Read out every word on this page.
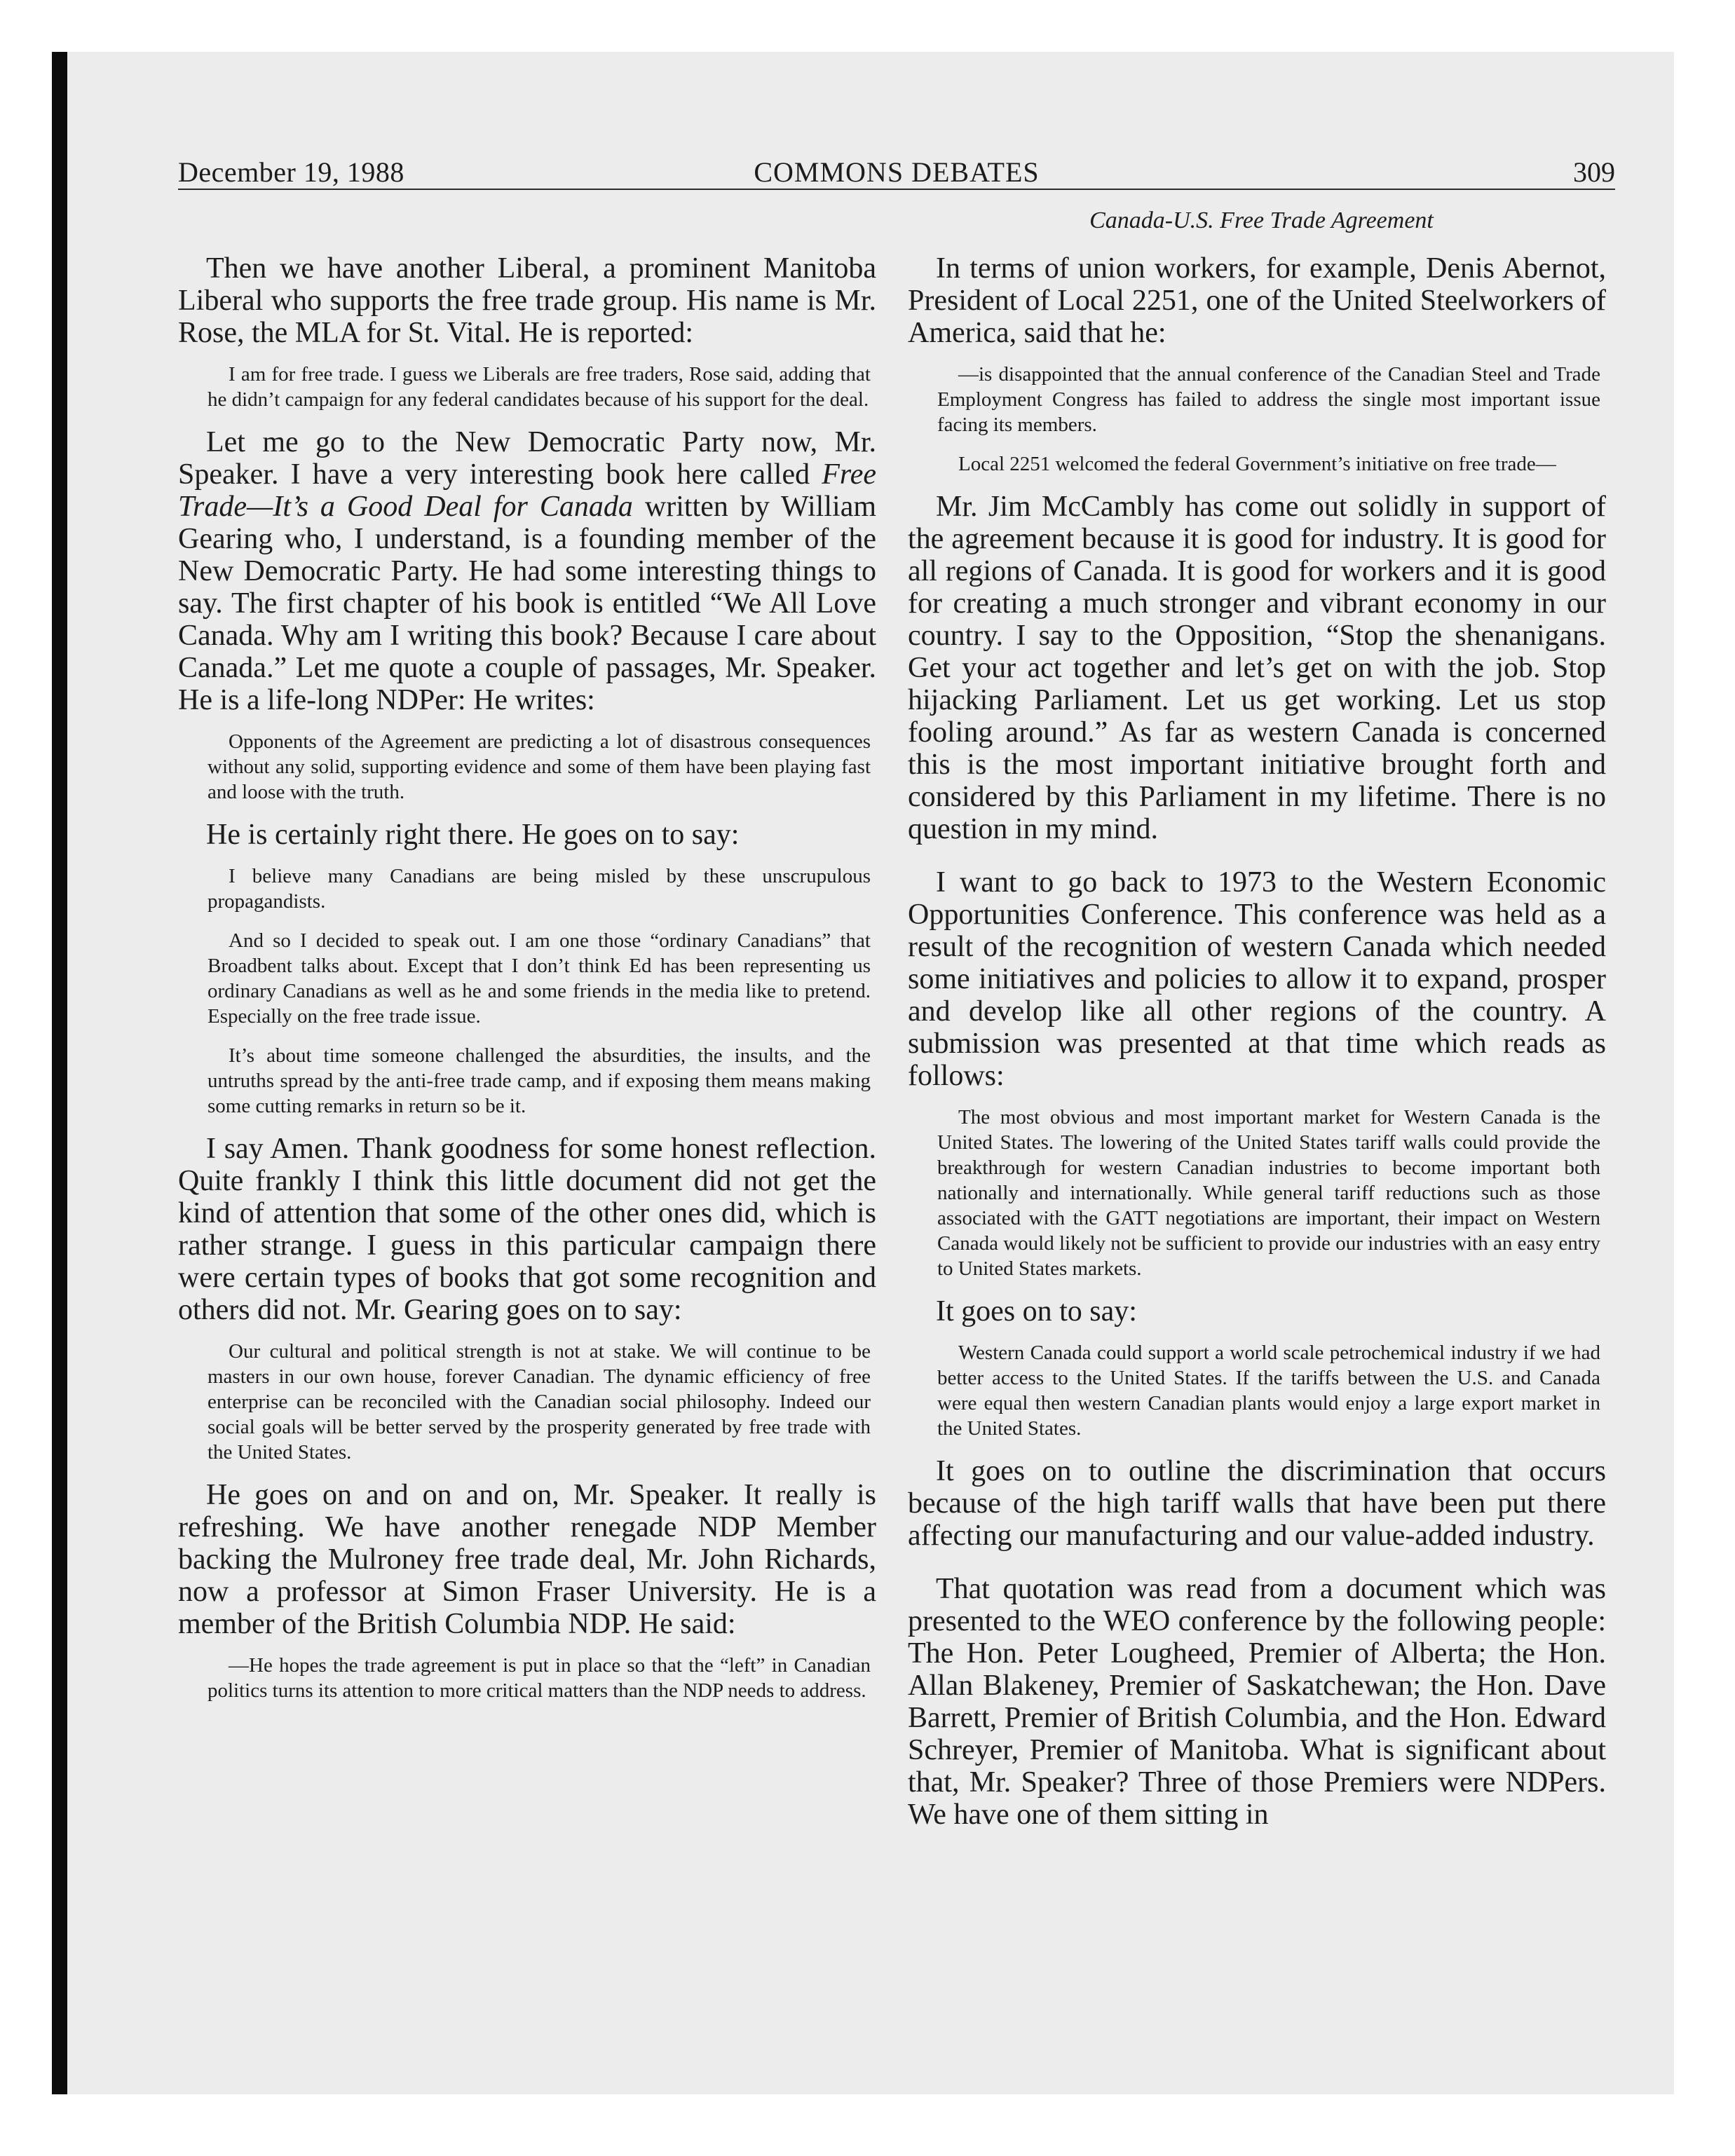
December 19, 1988	COMMONS DEBATES	309
Canada-U.S. Free Trade Agreement

Then we have another Liberal, a prominent Manitoba Liberal who supports the free trade group. His name is Mr. Rose, the MLA for St. Vital. He is reported:

I am for free trade. I guess we Liberals are free traders, Rose said, adding that he didn’t campaign for any federal candidates because of his support for the deal.

Let me go to the New Democratic Party now, Mr. Speaker. I have a very interesting book here called Free Trade—It’s a Good Deal for Canada written by William Gearing who, I understand, is a founding member of the New Democratic Party. He had some interesting things to say. The first chapter of his book is entitled “We All Love Canada. Why am I writing this book? Because I care about Canada.” Let me quote a couple of passages, Mr. Speaker. He is a life-long NDPer: He writes:

Opponents of the Agreement are predicting a lot of disastrous consequences without any solid, supporting evidence and some of them have been playing fast and loose with the truth.

He is certainly right there. He goes on to say:

I believe many Canadians are being misled by these unscrupulous propagandists.

And so I decided to speak out. I am one those “ordinary Canadians” that Broadbent talks about. Except that I don’t think Ed has been representing us ordinary Canadians as well as he and some friends in the media like to pretend. Especially on the free trade issue.

It’s about time someone challenged the absurdities, the insults, and the untruths spread by the anti-free trade camp, and if exposing them means making some cutting remarks in return so be it.

I say Amen. Thank goodness for some honest reflection. Quite frankly I think this little document did not get the kind of attention that some of the other ones did, which is rather strange. I guess in this particular campaign there were certain types of books that got some recognition and others did not. Mr. Gearing goes on to say:

Our cultural and political strength is not at stake. We will continue to be masters in our own house, forever Canadian. The dynamic efficiency of free enterprise can be reconciled with the Canadian social philosophy. Indeed our social goals will be better served by the prosperity generated by free trade with the United States.

He goes on and on and on, Mr. Speaker. It really is refreshing. We have another renegade NDP Member backing the Mulroney free trade deal, Mr. John Richards, now a professor at Simon Fraser University. He is a member of the British Columbia NDP. He said:

—He hopes the trade agreement is put in place so that the “left” in Canadian politics turns its attention to more critical matters than the NDP needs to address.

In terms of union workers, for example, Denis Abernot, President of Local 2251, one of the United Steelworkers of America, said that he:

—is disappointed that the annual conference of the Canadian Steel and Trade Employment Congress has failed to address the single most important issue facing its members.

Local 2251 welcomed the federal Government’s initiative on free trade—

Mr. Jim McCambly has come out solidly in support of the agreement because it is good for industry. It is good for all regions of Canada. It is good for workers and it is good for creating a much stronger and vibrant economy in our country. I say to the Opposition, “Stop the shenanigans. Get your act together and let’s get on with the job. Stop hijacking Parliament. Let us get working. Let us stop fooling around.” As far as western Canada is concerned this is the most important initiative brought forth and considered by this Parliament in my lifetime. There is no question in my mind.

I want to go back to 1973 to the Western Economic Opportunities Conference. This conference was held as a result of the recognition of western Canada which needed some initiatives and policies to allow it to expand, prosper and develop like all other regions of the country. A submission was presented at that time which reads as follows:

The most obvious and most important market for Western Canada is the United States. The lowering of the United States tariff walls could provide the breakthrough for western Canadian industries to become important both nationally and internationally. While general tariff reductions such as those associated with the GATT negotiations are important, their impact on Western Canada would likely not be sufficient to provide our industries with an easy entry to United States markets.

It goes on to say:

Western Canada could support a world scale petrochemical industry if we had better access to the United States. If the tariffs between the U.S. and Canada were equal then western Canadian plants would enjoy a large export market in the United States.

It goes on to outline the discrimination that occurs because of the high tariff walls that have been put there affecting our manufacturing and our value-added industry.

That quotation was read from a document which was presented to the WEO conference by the following people: The Hon. Peter Lougheed, Premier of Alberta; the Hon. Allan Blakeney, Premier of Saskatchewan; the Hon. Dave Barrett, Premier of British Columbia, and the Hon. Edward Schreyer, Premier of Manitoba. What is significant about that, Mr. Speaker? Three of those Premiers were NDPers. We have one of them sitting in
